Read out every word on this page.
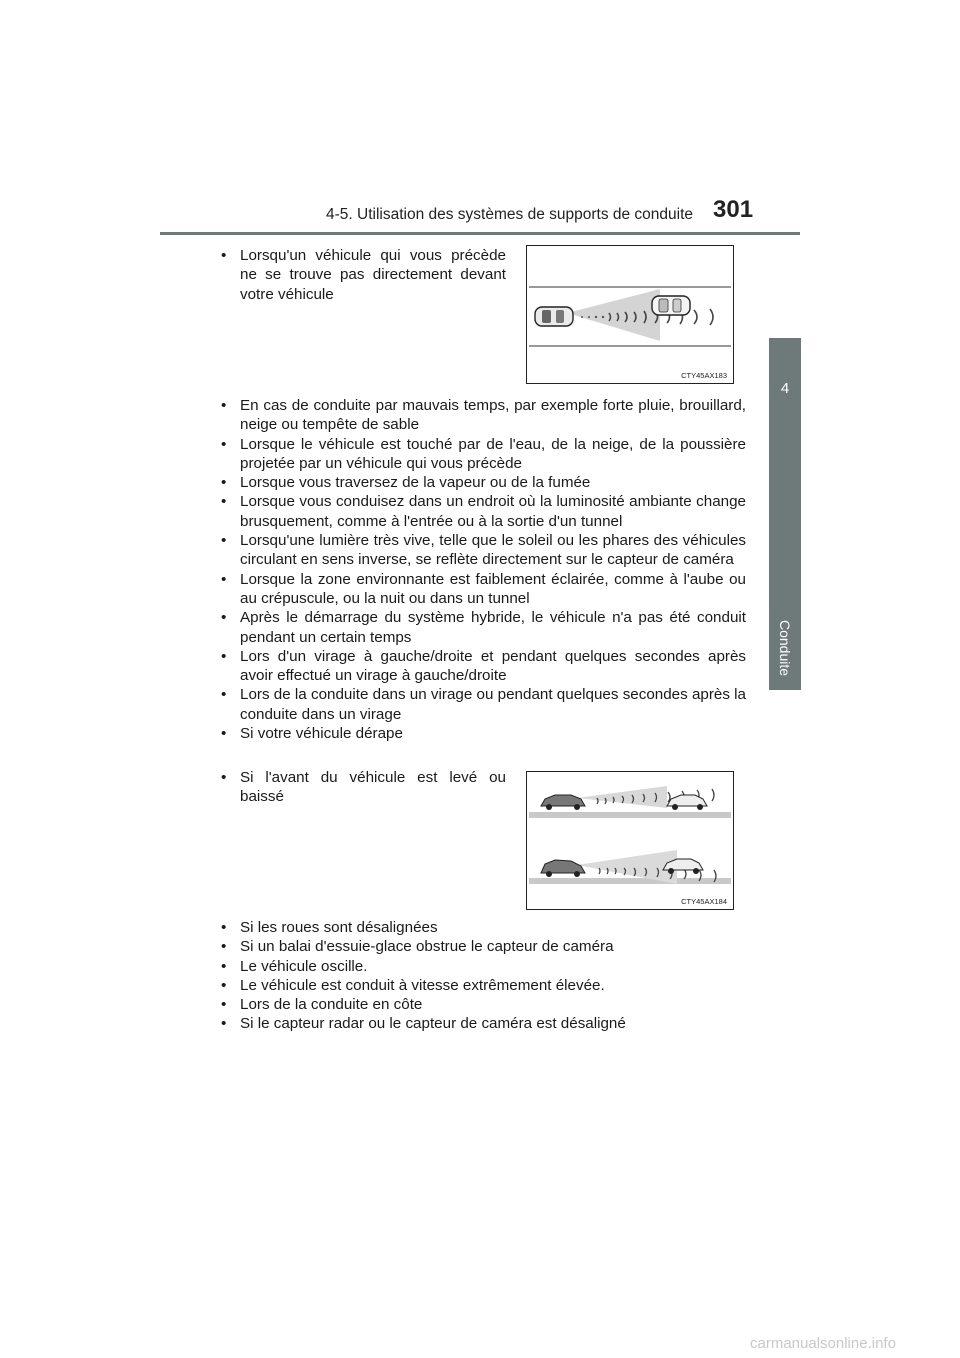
4-5. Utilisation des systèmes de supports de conduite 301
4
Conduite
• Lorsqu'un véhicule qui vous précède ne se trouve pas directement devant votre véhicule
CTY45AX183
• En cas de conduite par mauvais temps, par exemple forte pluie, brouillard, neige ou tempête de sable
• Lorsque le véhicule est touché par de l'eau, de la neige, de la poussière projetée par un véhicule qui vous précède
• Lorsque vous traversez de la vapeur ou de la fumée
• Lorsque vous conduisez dans un endroit où la luminosité ambiante change brusquement, comme à l'entrée ou à la sortie d'un tunnel
• Lorsqu'une lumière très vive, telle que le soleil ou les phares des véhicules circulant en sens inverse, se reflète directement sur le capteur de caméra
• Lorsque la zone environnante est faiblement éclairée, comme à l'aube ou au crépuscule, ou la nuit ou dans un tunnel
• Après le démarrage du système hybride, le véhicule n'a pas été conduit pendant un certain temps
• Lors d'un virage à gauche/droite et pendant quelques secondes après avoir effectué un virage à gauche/droite
• Lors de la conduite dans un virage ou pendant quelques secondes après la conduite dans un virage
• Si votre véhicule dérape
• Si l'avant du véhicule est levé ou baissé
CTY45AX184
• Si les roues sont désalignées
• Si un balai d'essuie-glace obstrue le capteur de caméra
• Le véhicule oscille.
• Le véhicule est conduit à vitesse extrêmement élevée.
• Lors de la conduite en côte
• Si le capteur radar ou le capteur de caméra est désaligné
carmanualsonline.info
